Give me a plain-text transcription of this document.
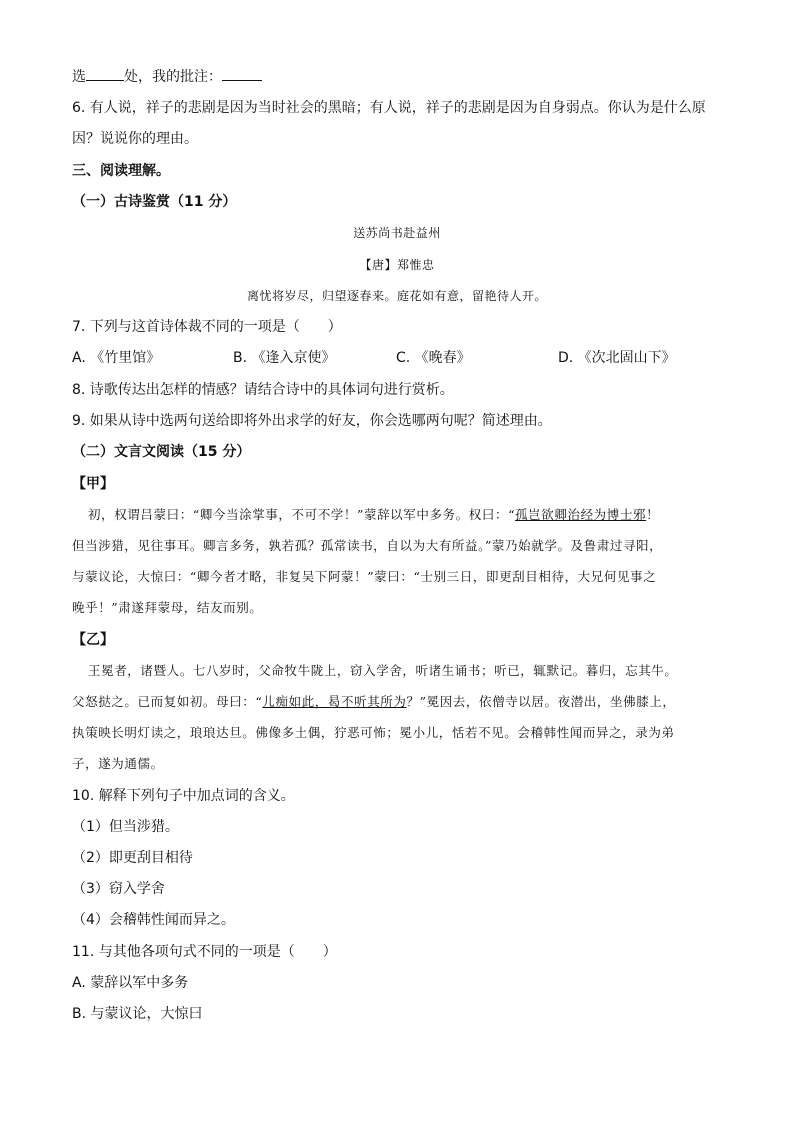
选	处，我的批注：
6. 有人说，祥子的悲剧是因为当时社会的黑暗；有人说，祥子的悲剧是因为自身弱点。你认为是什么原
因？说说你的理由。
三、阅读理解。
（一）古诗鉴赏（11 分）
送苏尚书赴益州
【唐】郑惟忠
离忧将岁尽，归望逐春来。庭花如有意，留艳待人开。
7. 下列与这首诗体裁不同的一项是（　　）
A. 《竹里馆》	B. 《逢入京使》	C. 《晚春》	D. 《次北固山下》
8. 诗歌传达出怎样的情感？请结合诗中的具体词句进行赏析。
9. 如果从诗中选两句送给即将外出求学的好友，你会选哪两句呢？简述理由。
（二）文言文阅读（15 分）
【甲】
初，权谓吕蒙曰：“卿今当涂掌事，不可不学！”蒙辞以军中多务。权曰：“孤岂欲卿治经为博士邪！
但当涉猎，见往事耳。卿言多务，孰若孤？孤常读书，自以为大有所益。”蒙乃始就学。及鲁肃过寻阳，
与蒙议论，大惊曰：“卿今者才略，非复吴下阿蒙！”蒙曰：“士别三日，即更刮目相待，大兄何见事之
晚乎！”肃遂拜蒙母，结友而别。
【乙】
王冕者，诸暨人。七八岁时，父命牧牛陇上，窃入学舍，听诸生诵书；听已，辄默记。暮归，忘其牛。
父怒挞之。已而复如初。母曰：“儿痴如此，曷不听其所为？”冕因去，依僧寺以居。夜潜出，坐佛膝上，
执策映长明灯读之，琅琅达旦。佛像多土偶，狞恶可怖；冕小儿，恬若不见。会稽韩性闻而异之，录为弟
子，遂为通儒。
10. 解释下列句子中加点词的含义。
（1）但当涉猎。
（2）即更刮目相待
（3）窃入学舍
（4）会稽韩性闻而异之。
11. 与其他各项句式不同的一项是（　　）
A. 蒙辞以军中多务
B. 与蒙议论，大惊曰
